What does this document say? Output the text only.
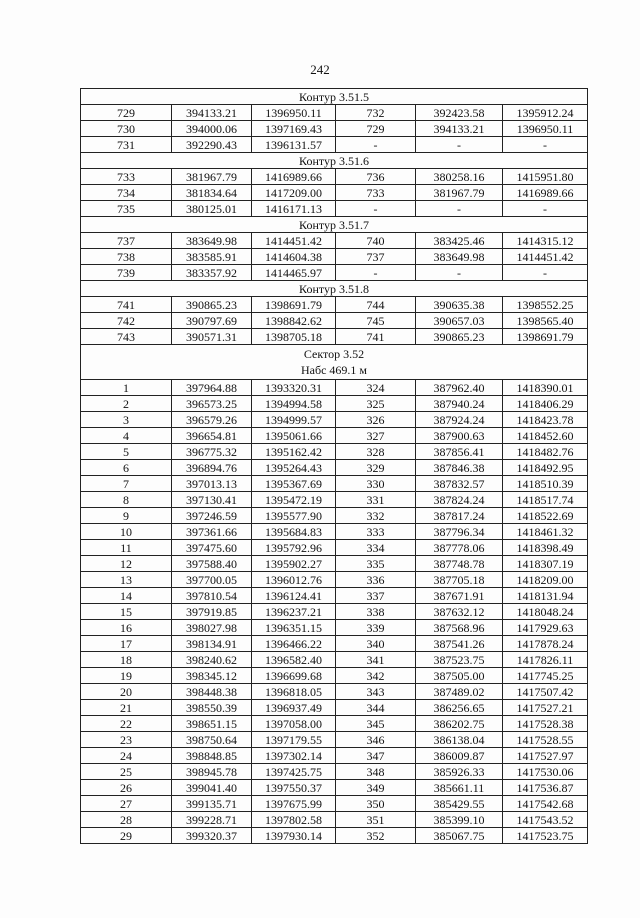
242
Контур 3.51.5					

729	394133.21	1396950.11	732	392423.58	1395912.24
730	394000.06	1397169.43	729	394133.21	1396950.11
731	392290.43	1396131.57	-	-	-

Контур 3.51.6					

733	381967.79	1416989.66	736	380258.16	1415951.80
734	381834.64	1417209.00	733	381967.79	1416989.66
735	380125.01	1416171.13	-	-	-

Контур 3.51.7					

737	383649.98	1414451.42	740	383425.46	1414315.12
738	383585.91	1414604.38	737	383649.98	1414451.42
739	383357.92	1414465.97	-	-	-

Контур 3.51.8					

741	390865.23	1398691.79	744	390635.38	1398552.25
742	390797.69	1398842.62	745	390657.03	1398565.40
743	390571.31	1398705.18	741	390865.23	1398691.79

Сектор 3.52
Набс 469.1 м					

1	397964.88	1393320.31	324	387962.40	1418390.01
2	396573.25	1394994.58	325	387940.24	1418406.29
3	396579.26	1394999.57	326	387924.24	1418423.78
4	396654.81	1395061.66	327	387900.63	1418452.60
5	396775.32	1395162.42	328	387856.41	1418482.76
6	396894.76	1395264.43	329	387846.38	1418492.95
7	397013.13	1395367.69	330	387832.57	1418510.39
8	397130.41	1395472.19	331	387824.24	1418517.74
9	397246.59	1395577.90	332	387817.24	1418522.69
10	397361.66	1395684.83	333	387796.34	1418461.32
11	397475.60	1395792.96	334	387778.06	1418398.49
12	397588.40	1395902.27	335	387748.78	1418307.19
13	397700.05	1396012.76	336	387705.18	1418209.00
14	397810.54	1396124.41	337	387671.91	1418131.94
15	397919.85	1396237.21	338	387632.12	1418048.24
16	398027.98	1396351.15	339	387568.96	1417929.63
17	398134.91	1396466.22	340	387541.26	1417878.24
18	398240.62	1396582.40	341	387523.75	1417826.11
19	398345.12	1396699.68	342	387505.00	1417745.25
20	398448.38	1396818.05	343	387489.02	1417507.42
21	398550.39	1396937.49	344	386256.65	1417527.21
22	398651.15	1397058.00	345	386202.75	1417528.38
23	398750.64	1397179.55	346	386138.04	1417528.55
24	398848.85	1397302.14	347	386009.87	1417527.97
25	398945.78	1397425.75	348	385926.33	1417530.06
26	399041.40	1397550.37	349	385661.11	1417536.87
27	399135.71	1397675.99	350	385429.55	1417542.68
28	399228.71	1397802.58	351	385399.10	1417543.52
29	399320.37	1397930.14	352	385067.75	1417523.75
